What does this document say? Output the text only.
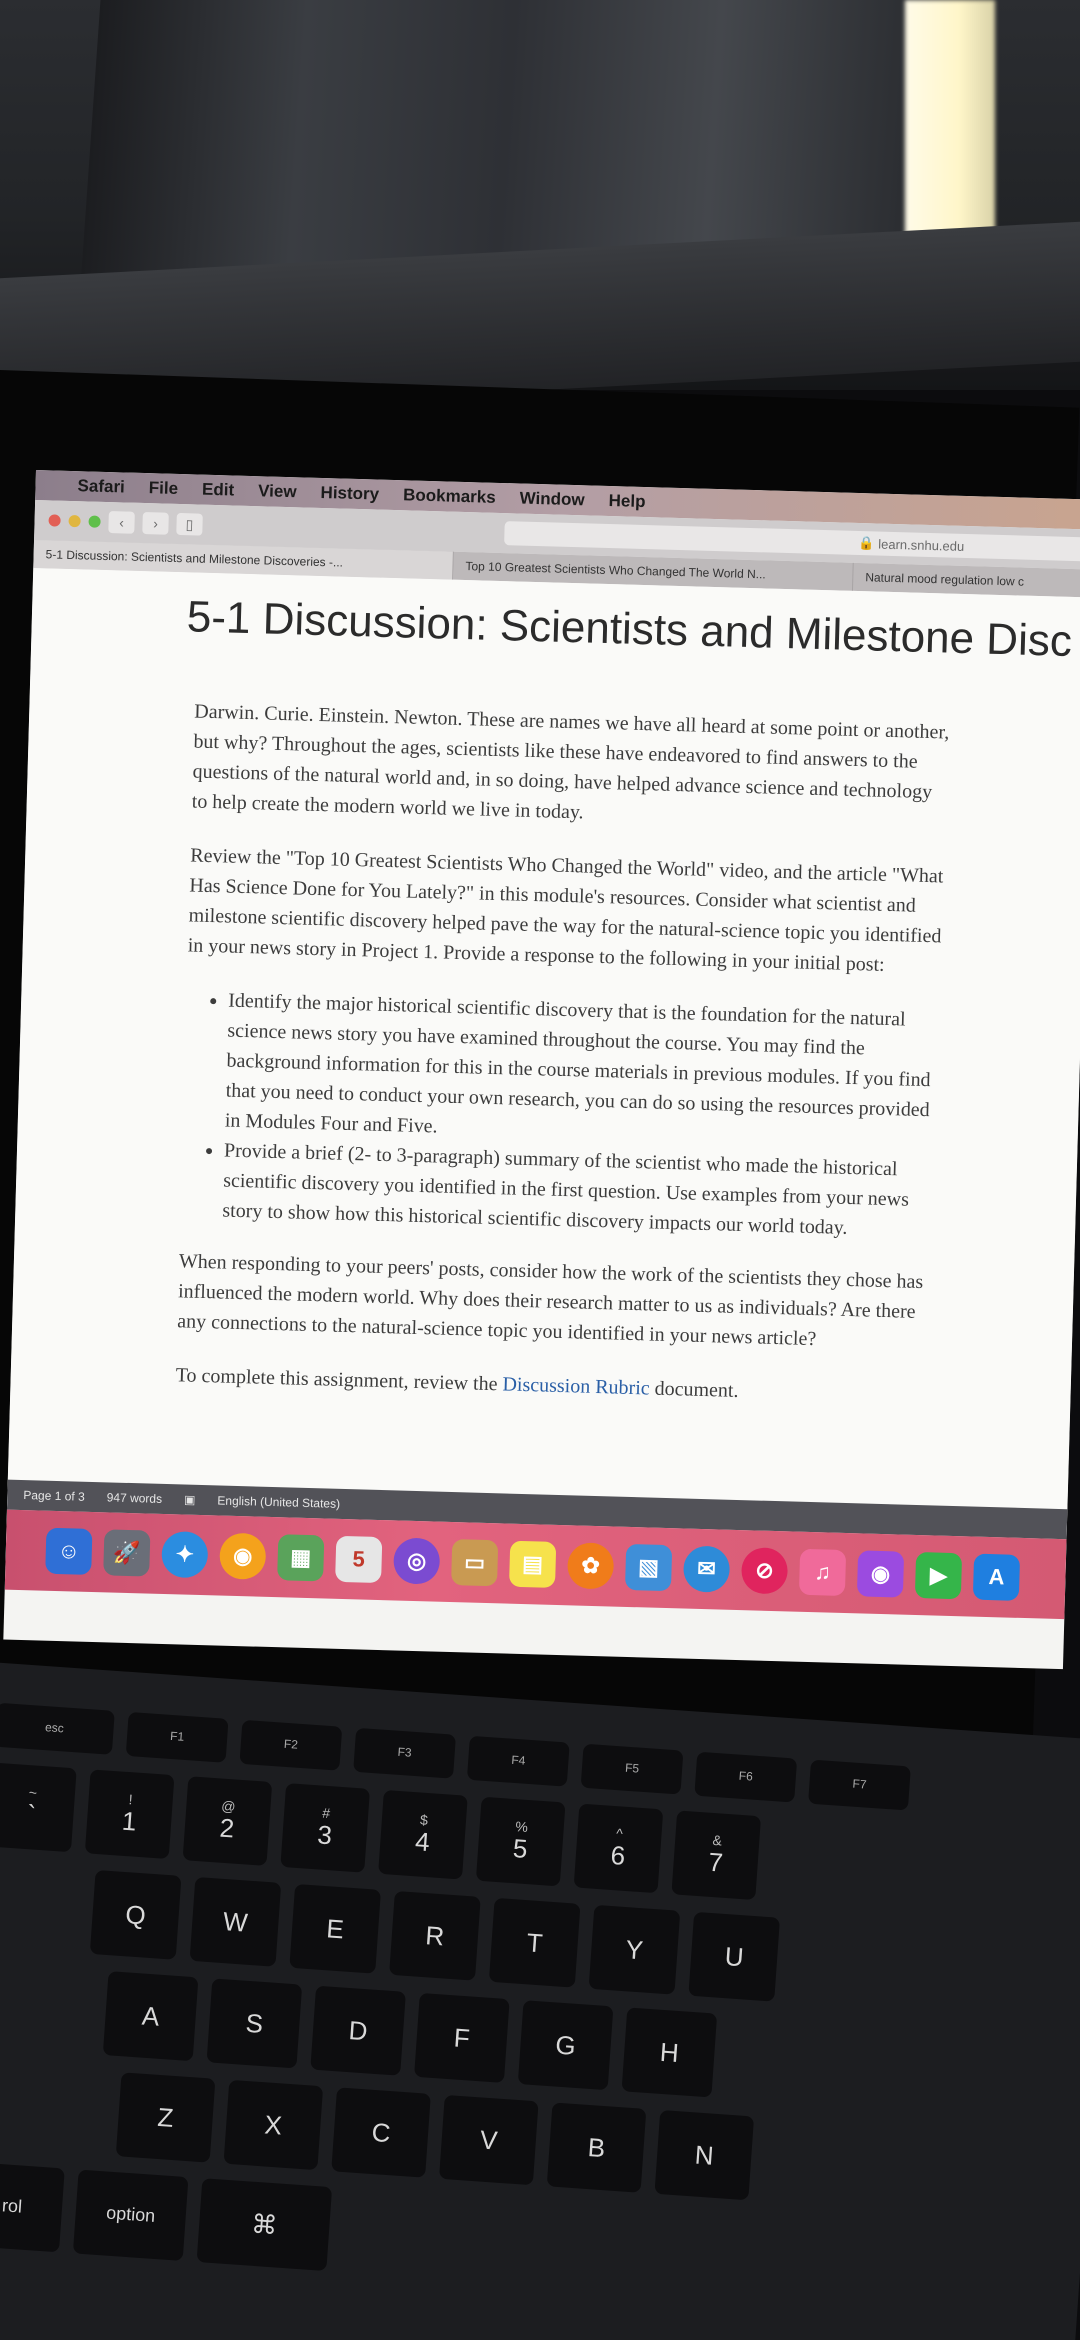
Safari File Edit View History Bookmarks Window Help
‹	›	▯
🔒 learn.snhu.edu
5-1 Discussion: Scientists and Milestone Discoveries -...
Top 10 Greatest Scientists Who Changed The World N...	Natural mood regulation low c
5-1 Discussion: Scientists and Milestone Disc

Darwin. Curie. Einstein. Newton. These are names we have all heard at some point or another, but why? Throughout the ages, scientists like these have endeavored to find answers to the questions of the natural world and, in so doing, have helped advance science and technology to help create the modern world we live in today.

Review the "Top 10 Greatest Scientists Who Changed the World" video, and the article "What Has Science Done for You Lately?" in this module's resources. Consider what scientist and milestone scientific discovery helped pave the way for the natural-science topic you identified in your news story in Project 1. Provide a response to the following in your initial post:

• Identify the major historical scientific discovery that is the foundation for the natural science news story you have examined throughout the course. You may find the background information for this in the course materials in previous modules. If you find that you need to conduct your own research, you can do so using the resources provided in Modules Four and Five.
• Provide a brief (2- to 3-paragraph) summary of the scientist who made the historical scientific discovery you identified in the first question. Use examples from your news story to show how this historical scientific discovery impacts our world today.

When responding to your peers' posts, consider how the work of the scientists they chose has influenced the modern world. Why does their research matter to us as individuals? Are there any connections to the natural-science topic you identified in your news article?

To complete this assignment, review the Discussion Rubric document.

Page 1 of 3 947 words ▣ English (United States)
☺	🚀	✦	◉	▦	5	◎	▭	▤	✿	▧	✉	⊘	♫	◉	▶	A
esc
F1
F2
F3
F4
F5
F6
F7
~
`
!
1
@
2
#
3
$
4
%
5
^
6
&
7
Q	W	E	R	T	Y	U
A	S	D	F	G	H
Z	X	C	V	B	N
rol	option	⌘
